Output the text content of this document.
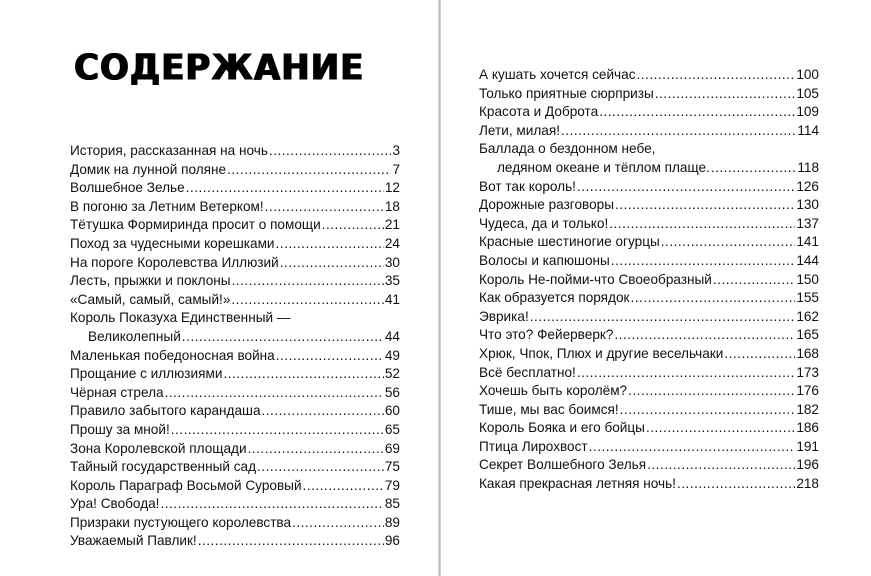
СОДЕРЖАНИЕ
История, рассказанная на ночь .....	3
Домик на лунной поляне .....	7
Волшебное Зелье .....	12
В погоню за Летним Ветерком! .....	18
Тётушка Формиринда просит о помощи .....	21
Поход за чудесными корешками .....	24
На пороге Королевства Иллюзий .....	30
Лесть, прыжки и поклоны .....	35
«Самый, самый, самый!» .....	41
Король Показуха Единственный —
Великолепный .....	44
Маленькая победоносная война .....	49
Прощание с иллюзиями .....	52
Чёрная стрела .....	56
Правило забытого карандаша .....	60
Прошу за мной! .....	65
Зона Королевской площади .....	69
Тайный государственный сад .....	75
Король Параграф Восьмой Суровый .....	79
Ура! Свобода! .....	85
Призраки пустующего королевства .....	89
Уважаемый Павлик! .....	96
А кушать хочется сейчас .....	100
Только приятные сюрпризы .....	105
Красота и Доброта .....	109
Лети, милая! .....	114
Баллада о бездонном небе,
ледяном океане и тёплом плаще. .....	118
Вот так король! .....	126
Дорожные разговоры .....	130
Чудеса, да и только! .....	137
Красные шестиногие огурцы .....	141
Волосы и капюшоны .....	144
Король Не-пойми-что Своеобразный .....	150
Как образуется порядок .....	155
Эврика! .....	162
Что это? Фейерверк? .....	165
Хрюк, Чпок, Плюх и другие весельчаки .....	168
Всё бесплатно! .....	173
Хочешь быть королём? .....	176
Тише, мы вас боимся! .....	182
Король Бояка и его бойцы .....	186
Птица Лирохвост .....	191
Секрет Волшебного Зелья .....	196
Какая прекрасная летняя ночь! .....	218
